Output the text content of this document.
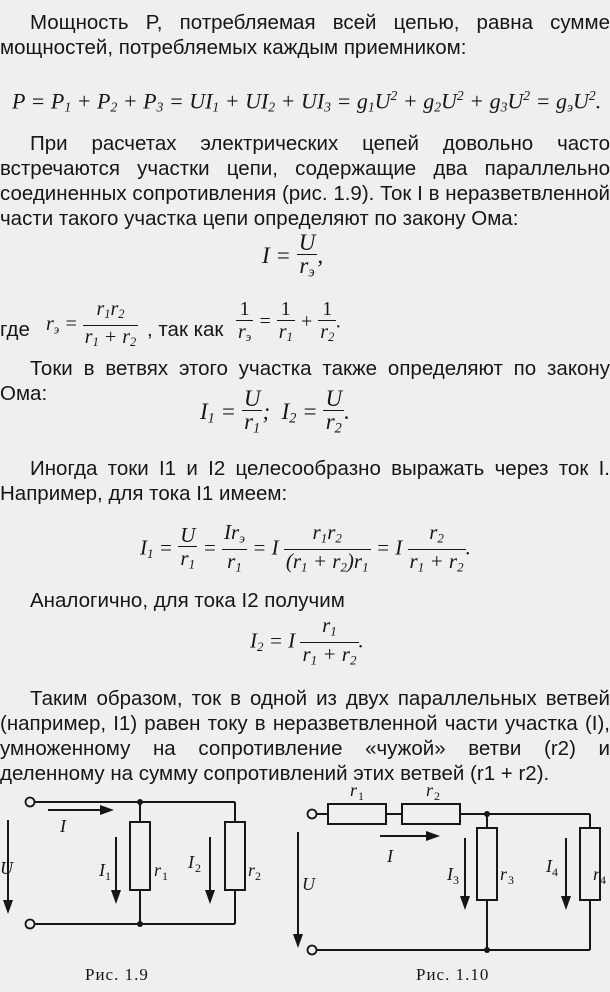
Мощность P, потребляемая всей цепью, равна сумме мощностей, потребляемых каждым приемником:

$P = P_1 + P_2 + P_3 = UI_1 + UI_2 + UI_3 = g_1U^2 + g_2U^2 + g_3U^2 = g_эU^2$.

При расчетах электрических цепей довольно часто встречаются участки цепи, содержащие два параллельно соединенных сопротивления (рис. 1.9). Ток I в неразветвленной части такого участка цепи определяют по закону Ома:

$I = \frac{U}{r_э}$ ,
где $r_э = \frac{r_1r_2}{r_1 + r_2}$ , так как $\frac{1}{r_э} = \frac{1}{r_1} + \frac{1}{r_2}$ .

Токи в ветвях этого участка также определяют по закону Ома:

$I_1 = \frac{U}{r_1}$ ;  $I_2 = \frac{U}{r_2}$ .

Иногда токи I1 и I2 целесообразно выражать через ток I. Например, для тока I1 имеем:

$I_1 = \frac{U}{r_1} = \frac{Ir_э}{r_1} = I \frac{r_1r_2}{(r_1 + r_2)r_1} = I \frac{r_2}{r_1 + r_2}$ .

Аналогично, для тока I2 получим

$I_2 = I \frac{r_1}{r_1 + r_2}$ .

Таким образом, ток в одной из двух параллельных ветвей (например, I1) равен току в неразветвленной части участка (I), умноженному на сопротивление «чужой» ветви (r2) и деленному на сумму сопротивлений этих ветвей (r1 + r2).

I
U	I 1 r 1
I 2	r 2
Рис. 1.9
r 1	r 2
I
U	I 3 r 3
I 4 r 4
Рис. 1.10
